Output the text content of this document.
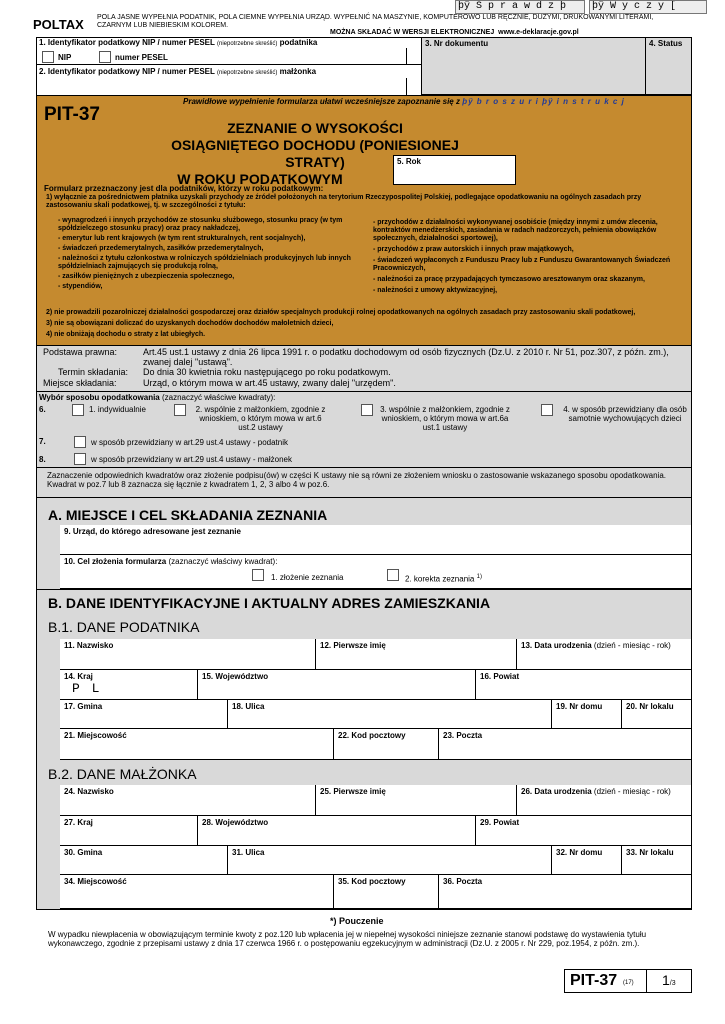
POLTAX POLA JASNE WYPEŁNIA PODATNIK, POLA CIEMNE WYPEŁNIA URZĄD. WYPEŁNIĆ NA MASZYNIE, KOMPUTEROWO LUB RĘCZNIE, DUŻYMI, DRUKOWANYMI LITERAMI, CZARNYM LUB NIEBIESKIM KOLOREM.
MOŻNA SKŁADAĆ W WERSJI ELEKTRONICZNEJ www.e-deklaracje.gov.pl
þÿ S p r a w d z þ	þÿ W y c z y [
1. Identyfikator podatkowy NIP / numer PESEL (niepotrzebne skreślić) podatnika
NIP	numer PESEL
2. Identyfikator podatkowy NIP / numer PESEL (niepotrzebne skreślić) małżonka
3. Nr dokumentu	4. Status
Prawidłowe wypełnienie formularza ułatwi wcześniejsze zapoznanie się z þÿ b r o s z u r i þÿ i n s t r u k c j
PIT-37
ZEZNANIE O WYSOKOŚCI
OSIĄGNIĘTEGO DOCHODU (PONIESIONEJ STRATY)
W ROKU PODATKOWYM
5. Rok
Formularz przeznaczony jest dla podatników, którzy w roku podatkowym:
1) wyłącznie za pośrednictwem płatnika uzyskali przychody ze źródeł położonych na terytorium Rzeczypospolitej Polskiej, podlegające opodatkowaniu na ogólnych zasadach przy zastosowaniu skali podatkowej, tj. w szczególności z tytułu:
- wynagrodzeń i innych przychodów ze stosunku służbowego, stosunku pracy (w tym spółdzielczego stosunku pracy) oraz pracy nakładczej,
- emerytur lub rent krajowych (w tym rent strukturalnych, rent socjalnych),
- świadczeń przedemerytalnych, zasiłków przedemerytalnych,
- należności z tytułu członkostwa w rolniczych spółdzielniach produkcyjnych lub innych spółdzielniach zajmujących się produkcją rolną,
- zasiłków pieniężnych z ubezpieczenia społecznego,
- stypendiów,
- przychodów z działalności wykonywanej osobiście (między innymi z umów zlecenia, kontraktów menedżerskich, zasiadania w radach nadzorczych, pełnienia obowiązków społecznych, działalności sportowej),
- przychodów z praw autorskich i innych praw majątkowych,
- świadczeń wypłaconych z Funduszu Pracy lub z Funduszu Gwarantowanych Świadczeń Pracowniczych,
- należności za pracę przypadających tymczasowo aresztowanym oraz skazanym,
- należności z umowy aktywizacyjnej,
2) nie prowadzili pozarolniczej działalności gospodarczej oraz działów specjalnych produkcji rolnej opodatkowanych na ogólnych zasadach przy zastosowaniu skali podatkowej,
3) nie są obowiązani doliczać do uzyskanych dochodów dochodów małoletnich dzieci,
4) nie obniżają dochodu o straty z lat ubiegłych.
Podstawa prawna:	Art.45 ust.1 ustawy z dnia 26 lipca 1991 r. o podatku dochodowym od osób fizycznych (Dz.U. z 2010 r. Nr 51, poz.307, z późn. zm.), zwanej dalej "ustawą".
Termin składania: Do dnia 30 kwietnia roku następującego po roku podatkowym.
Miejsce składania:	Urząd, o którym mowa w art.45 ustawy, zwany dalej "urzędem".
Wybór sposobu opodatkowania (zaznaczyć właściwe kwadraty):
6.	1. indywidualnie	2. wspólnie z małżonkiem, zgodnie z wnioskiem, o którym mowa w art.6 ust.2 ustawy
3. wspólnie z małżonkiem, zgodnie z wnioskiem, o którym mowa w art.6a ust.1 ustawy
4. w sposób przewidziany dla osób samotnie wychowujących dzieci
7.	w sposób przewidziany w art.29 ust.4 ustawy - podatnik
8.	w sposób przewidziany w art.29 ust.4 ustawy - małżonek
Zaznaczenie odpowiednich kwadratów oraz złożenie podpisu(ów) w części K ustawy nie są równi ze złożeniem wniosku o zastosowanie wskazanego sposobu opodatkowania. Kwadrat w poz.7 lub 8 zaznacza się łącznie z kwadratem 1, 2, 3 albo 4 w poz.6.
A. MIEJSCE I CEL SKŁADANIA ZEZNANIA
9. Urząd, do którego adresowane jest zeznanie
10. Cel złożenia formularza (zaznaczyć właściwy kwadrat):
1. złożenie zeznania	2. korekta zeznania $^{1)}$
B. DANE IDENTYFIKACYJNE I AKTUALNY ADRES ZAMIESZKANIA
B.1. DANE PODATNIKA
11. Nazwisko	12. Pierwsze imię	13. Data urodzenia (dzień - miesiąc - rok)
14. Kraj
P L
15. Województwo	16. Powiat
17. Gmina	18. Ulica	19. Nr domu	20. Nr lokalu
21. Miejscowość	22. Kod pocztowy	23. Poczta
B.2. DANE MAŁŻONKA
24. Nazwisko	25. Pierwsze imię	26. Data urodzenia (dzień - miesiąc - rok)
27. Kraj	28. Województwo	29. Powiat
30. Gmina	31. Ulica	32. Nr domu	33. Nr lokalu
34. Miejscowość	35. Kod pocztowy	36. Poczta
*) Pouczenie
W wypadku niewpłacenia w obowiązującym terminie kwoty z poz.120 lub wpłacenia jej w niepełnej wysokości niniejsze zeznanie stanowi podstawę do wystawienia tytułu wykonawczego, zgodnie z przepisami ustawy z dnia 17 czerwca 1966 r. o postępowaniu egzekucyjnym w administracji (Dz.U. z 2005 r. Nr 229, poz.1954, z późn. zm.).
PIT-37 (17) 1/3
